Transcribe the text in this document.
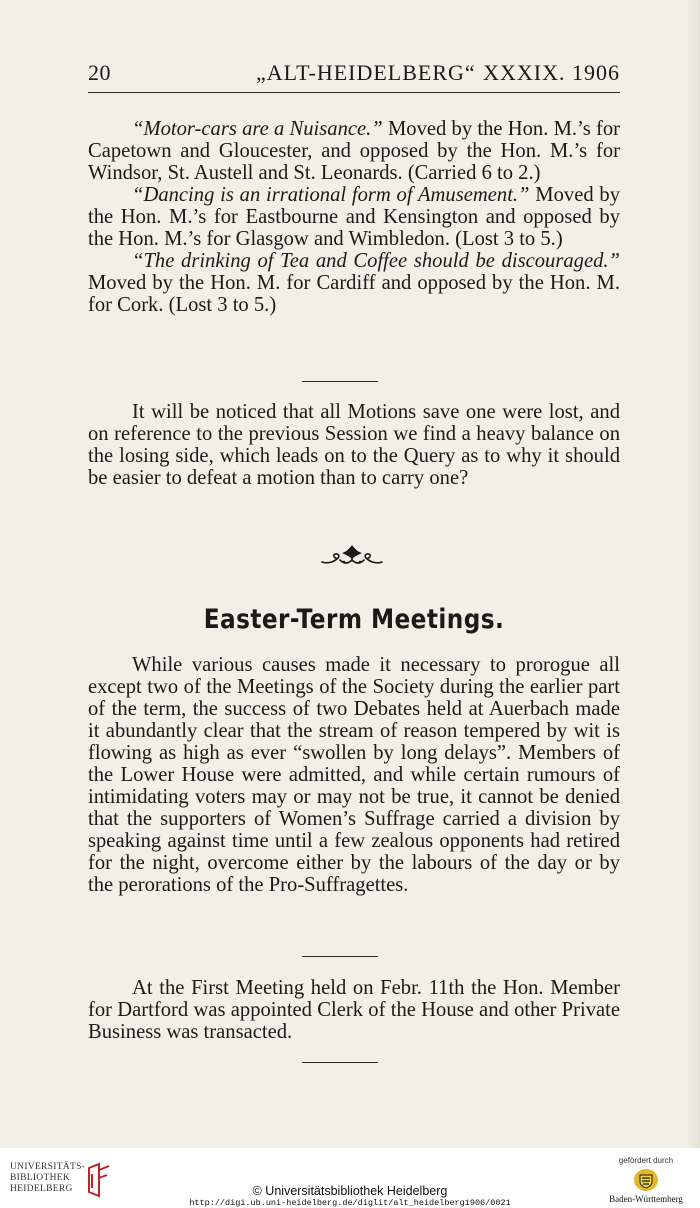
20	„ALT-HEIDELBERG“ XXXIX. 1906

“Motor-cars are a Nuisance.” Moved by the Hon. M.’s for Capetown and Gloucester, and opposed by the Hon. M.’s for Windsor, St. Austell and St. Leonards. (Carried 6 to 2.)

“Dancing is an irrational form of Amusement.” Moved by the Hon. M.’s for Eastbourne and Kensington and opposed by the Hon. M.’s for Glasgow and Wimbledon. (Lost 3 to 5.)

“The drinking of Tea and Coffee should be discouraged.” Moved by the Hon. M. for Cardiff and opposed by the Hon. M. for Cork. (Lost 3 to 5.)

It will be noticed that all Motions save one were lost, and on reference to the previous Session we find a heavy balance on the losing side, which leads on to the Query as to why it should be easier to defeat a motion than to carry one?

Easter-Term Meetings.

While various causes made it necessary to prorogue all except two of the Meetings of the Society during the earlier part of the term, the success of two Debates held at Auerbach made it abundantly clear that the stream of reason tempered by wit is flowing as high as ever “swollen by long delays”. Members of the Lower House were admitted, and while certain rumours of intimidating voters may or may not be true, it cannot be denied that the supporters of Women’s Suffrage carried a division by speaking against time until a few zealous opponents had retired for the night, overcome either by the labours of the day or by the perorations of the Pro-Suffragettes.

At the First Meeting held on Febr. 11th the Hon. Member for Dartford was appointed Clerk of the House and other Private Business was transacted.

UNIVERSITÄTS-
BIBLIOTHEK
HEIDELBERG	© Universitätsbibliothek Heidelberg
http://digi.ub.uni-heidelberg.de/diglit/alt_heidelberg1906/0021
gefördert durch
Baden-Württemberg
